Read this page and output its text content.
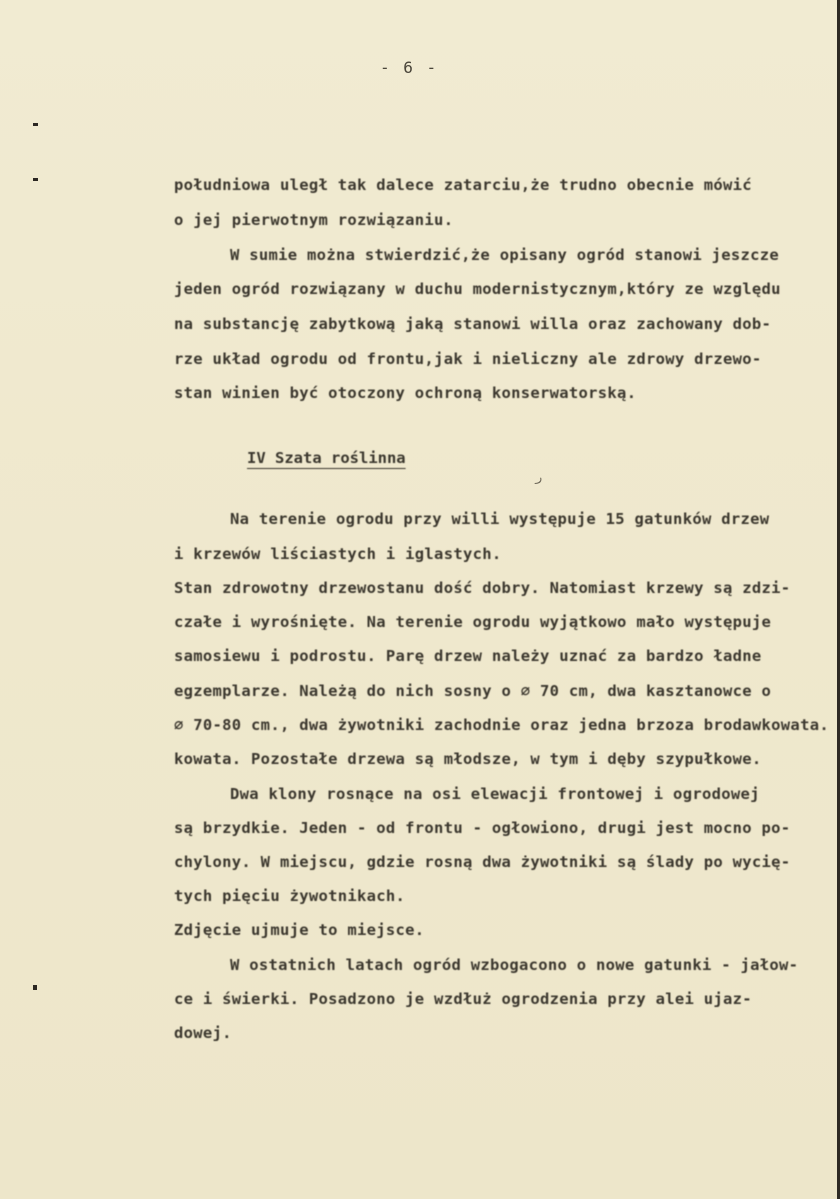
- 6 -
południowa uległ tak dalece zatarciu,że trudno obecnie mówić
o jej pierwotnym rozwiązaniu.
W sumie można stwierdzić,że opisany ogród stanowi jeszcze
jeden ogród rozwiązany w duchu modernistycznym,który ze względu
na substancję zabytkową jaką stanowi willa oraz zachowany dob-
rze układ ogrodu od frontu,jak i nieliczny ale zdrowy drzewo-
stan winien być otoczony ochroną konserwatorską.
IV Szata roślinna
ر
Na terenie ogrodu przy willi występuje 15 gatunków drzew
i krzewów liściastych i iglastych.
Stan zdrowotny drzewostanu dość dobry. Natomiast krzewy są zdzi-
czałe i wyrośnięte. Na terenie ogrodu wyjątkowo mało występuje
samosiewu i podrostu. Parę drzew należy uznać za bardzo ładne
egzemplarze. Należą do nich sosny o ∅ 70 cm, dwa kasztanowce o
∅ 70-80 cm., dwa żywotniki zachodnie oraz jedna brzoza brodawkowata.
kowata. Pozostałe drzewa są młodsze, w tym i dęby szypułkowe.
Dwa klony rosnące na osi elewacji frontowej i ogrodowej
są brzydkie. Jeden - od frontu - ogłowiono, drugi jest mocno po-
chylony. W miejscu, gdzie rosną dwa żywotniki są ślady po wycię-
tych pięciu żywotnikach.
Zdjęcie ujmuje to miejsce.
W ostatnich latach ogród wzbogacono o nowe gatunki - jałow-
ce i świerki. Posadzono je wzdłuż ogrodzenia przy alei ujaz-
dowej.
